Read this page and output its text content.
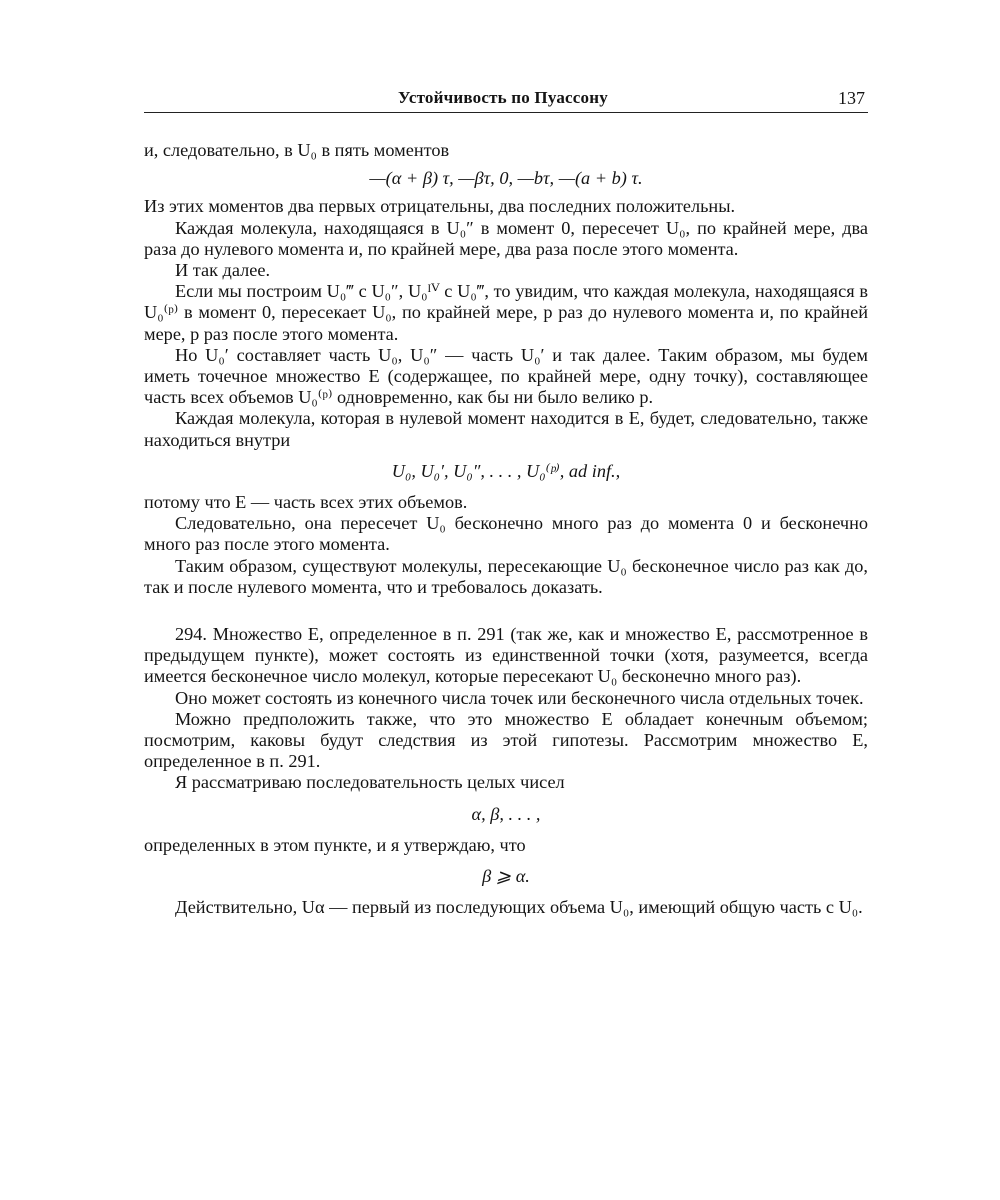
Устойчивость по Пуассону	137

и, следовательно, в U₀ в пять моментов

—(α + β) τ, —βτ, 0, —bτ, —(a + b) τ.

Из этих моментов два первых отрицательны, два последних положительны.

Каждая молекула, находящаяся в U₀″ в момент 0, пересечет U₀, по крайней мере, два раза до нулевого момента и, по крайней мере, два раза после этого момента.

И так далее.

Если мы построим U₀‴ с U₀″, U₀ᴵⱽ с U₀‴, то увидим, что каждая молекула, находящаяся в U₀⁽ᵖ⁾ в момент 0, пересекает U₀, по крайней мере, p раз до нулевого момента и, по крайней мере, p раз после этого момента.

Но U₀′ составляет часть U₀, U₀″ — часть U₀′ и так далее. Таким образом, мы будем иметь точечное множество E (содержащее, по крайней мере, одну точку), составляющее часть всех объемов U₀⁽ᵖ⁾ одновременно, как бы ни было велико p.

Каждая молекула, которая в нулевой момент находится в E, будет, следовательно, также находиться внутри

U₀, U₀′, U₀″, . . . , U₀⁽ᵖ⁾, ad inf.,

потому что E — часть всех этих объемов.

Следовательно, она пересечет U₀ бесконечно много раз до момента 0 и бесконечно много раз после этого момента.

Таким образом, существуют молекулы, пересекающие U₀ бесконечное число раз как до, так и после нулевого момента, что и требовалось доказать.

294. Множество E, определенное в п. 291 (так же, как и множество E, рассмотренное в предыдущем пункте), может состоять из единственной точки (хотя, разумеется, всегда имеется бесконечное число молекул, которые пересекают U₀ бесконечно много раз).

Оно может состоять из конечного числа точек или бесконечного числа отдельных точек.

Можно предположить также, что это множество E обладает конечным объемом; посмотрим, каковы будут следствия из этой гипотезы. Рассмотрим множество E, определенное в п. 291.

Я рассматриваю последовательность целых чисел

α, β, . . . ,

определенных в этом пункте, и я утверждаю, что

β ⩾ α.

Действительно, Uα — первый из последующих объема U₀, имеющий общую часть с U₀.
